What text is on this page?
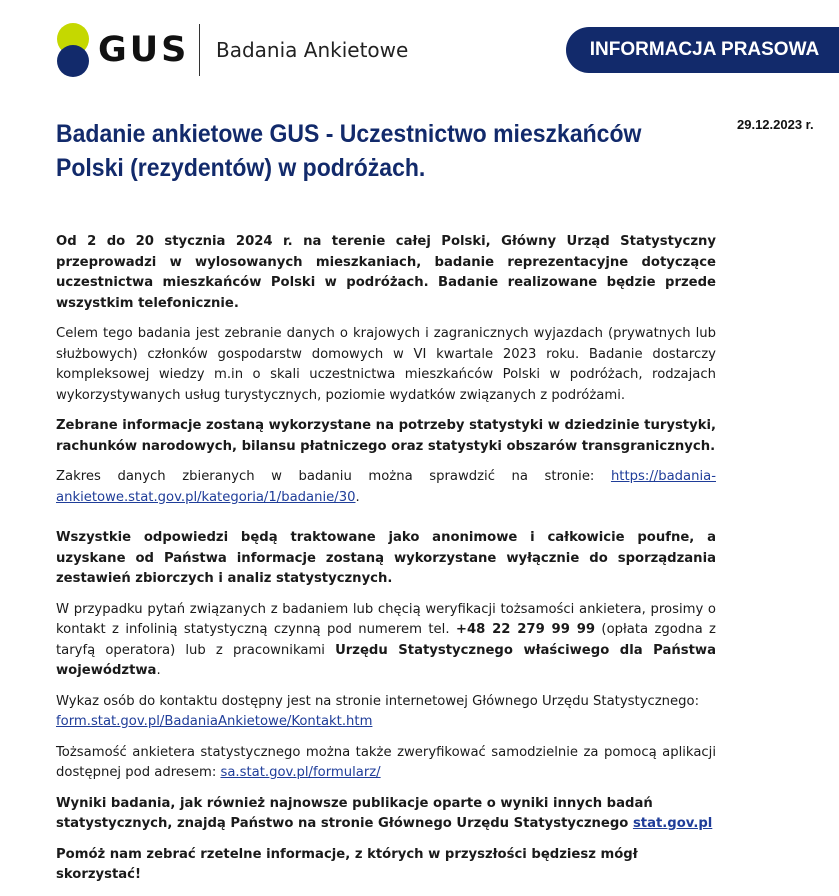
GUS Badania Ankietowe	INFORMACJA PRASOWA
29.12.2023 r.
Badanie ankietowe GUS - Uczestnictwo mieszkańców Polski (rezydentów) w podróżach.

Od 2 do 20 stycznia 2024 r. na terenie całej Polski, Główny Urząd Statystyczny przeprowadzi w wylosowanych mieszkaniach, badanie reprezentacyjne dotyczące uczestnictwa mieszkańców Polski w podróżach. Badanie realizowane będzie przede wszystkim telefonicznie.

Celem tego badania jest zebranie danych o krajowych i zagranicznych wyjazdach (prywatnych lub służbowych) członków gospodarstw domowych w VI kwartale 2023 roku. Badanie dostarczy kompleksowej wiedzy m.in o skali uczestnictwa mieszkańców Polski w podróżach, rodzajach wykorzystywanych usług turystycznych, poziomie wydatków związanych z podróżami.

Zebrane informacje zostaną wykorzystane na potrzeby statystyki w dziedzinie turystyki, rachunków narodowych, bilansu płatniczego oraz statystyki obszarów transgranicznych.

Zakres danych zbieranych w badaniu można sprawdzić na stronie: https://badania-ankietowe.stat.gov.pl/kategoria/1/badanie/30.

Wszystkie odpowiedzi będą traktowane jako anonimowe i całkowicie poufne, a uzyskane od Państwa informacje zostaną wykorzystane wyłącznie do sporządzania zestawień zbiorczych i analiz statystycznych.

W przypadku pytań związanych z badaniem lub chęcią weryfikacji tożsamości ankietera, prosimy o kontakt z infolinią statystyczną czynną pod numerem tel. +48 22 279 99 99 (opłata zgodna z taryfą operatora) lub z pracownikami Urzędu Statystycznego właściwego dla Państwa województwa.

Wykaz osób do kontaktu dostępny jest na stronie internetowej Głównego Urzędu Statystycznego: form.stat.gov.pl/BadaniaAnkietowe/Kontakt.htm

Tożsamość ankietera statystycznego można także zweryfikować samodzielnie za pomocą aplikacji dostępnej pod adresem: sa.stat.gov.pl/formularz/

Wyniki badania, jak również najnowsze publikacje oparte o wyniki innych badań statystycznych, znajdą Państwo na stronie Głównego Urzędu Statystycznego stat.gov.pl

Pomóż nam zebrać rzetelne informacje, z których w przyszłości będziesz mógł skorzystać!
